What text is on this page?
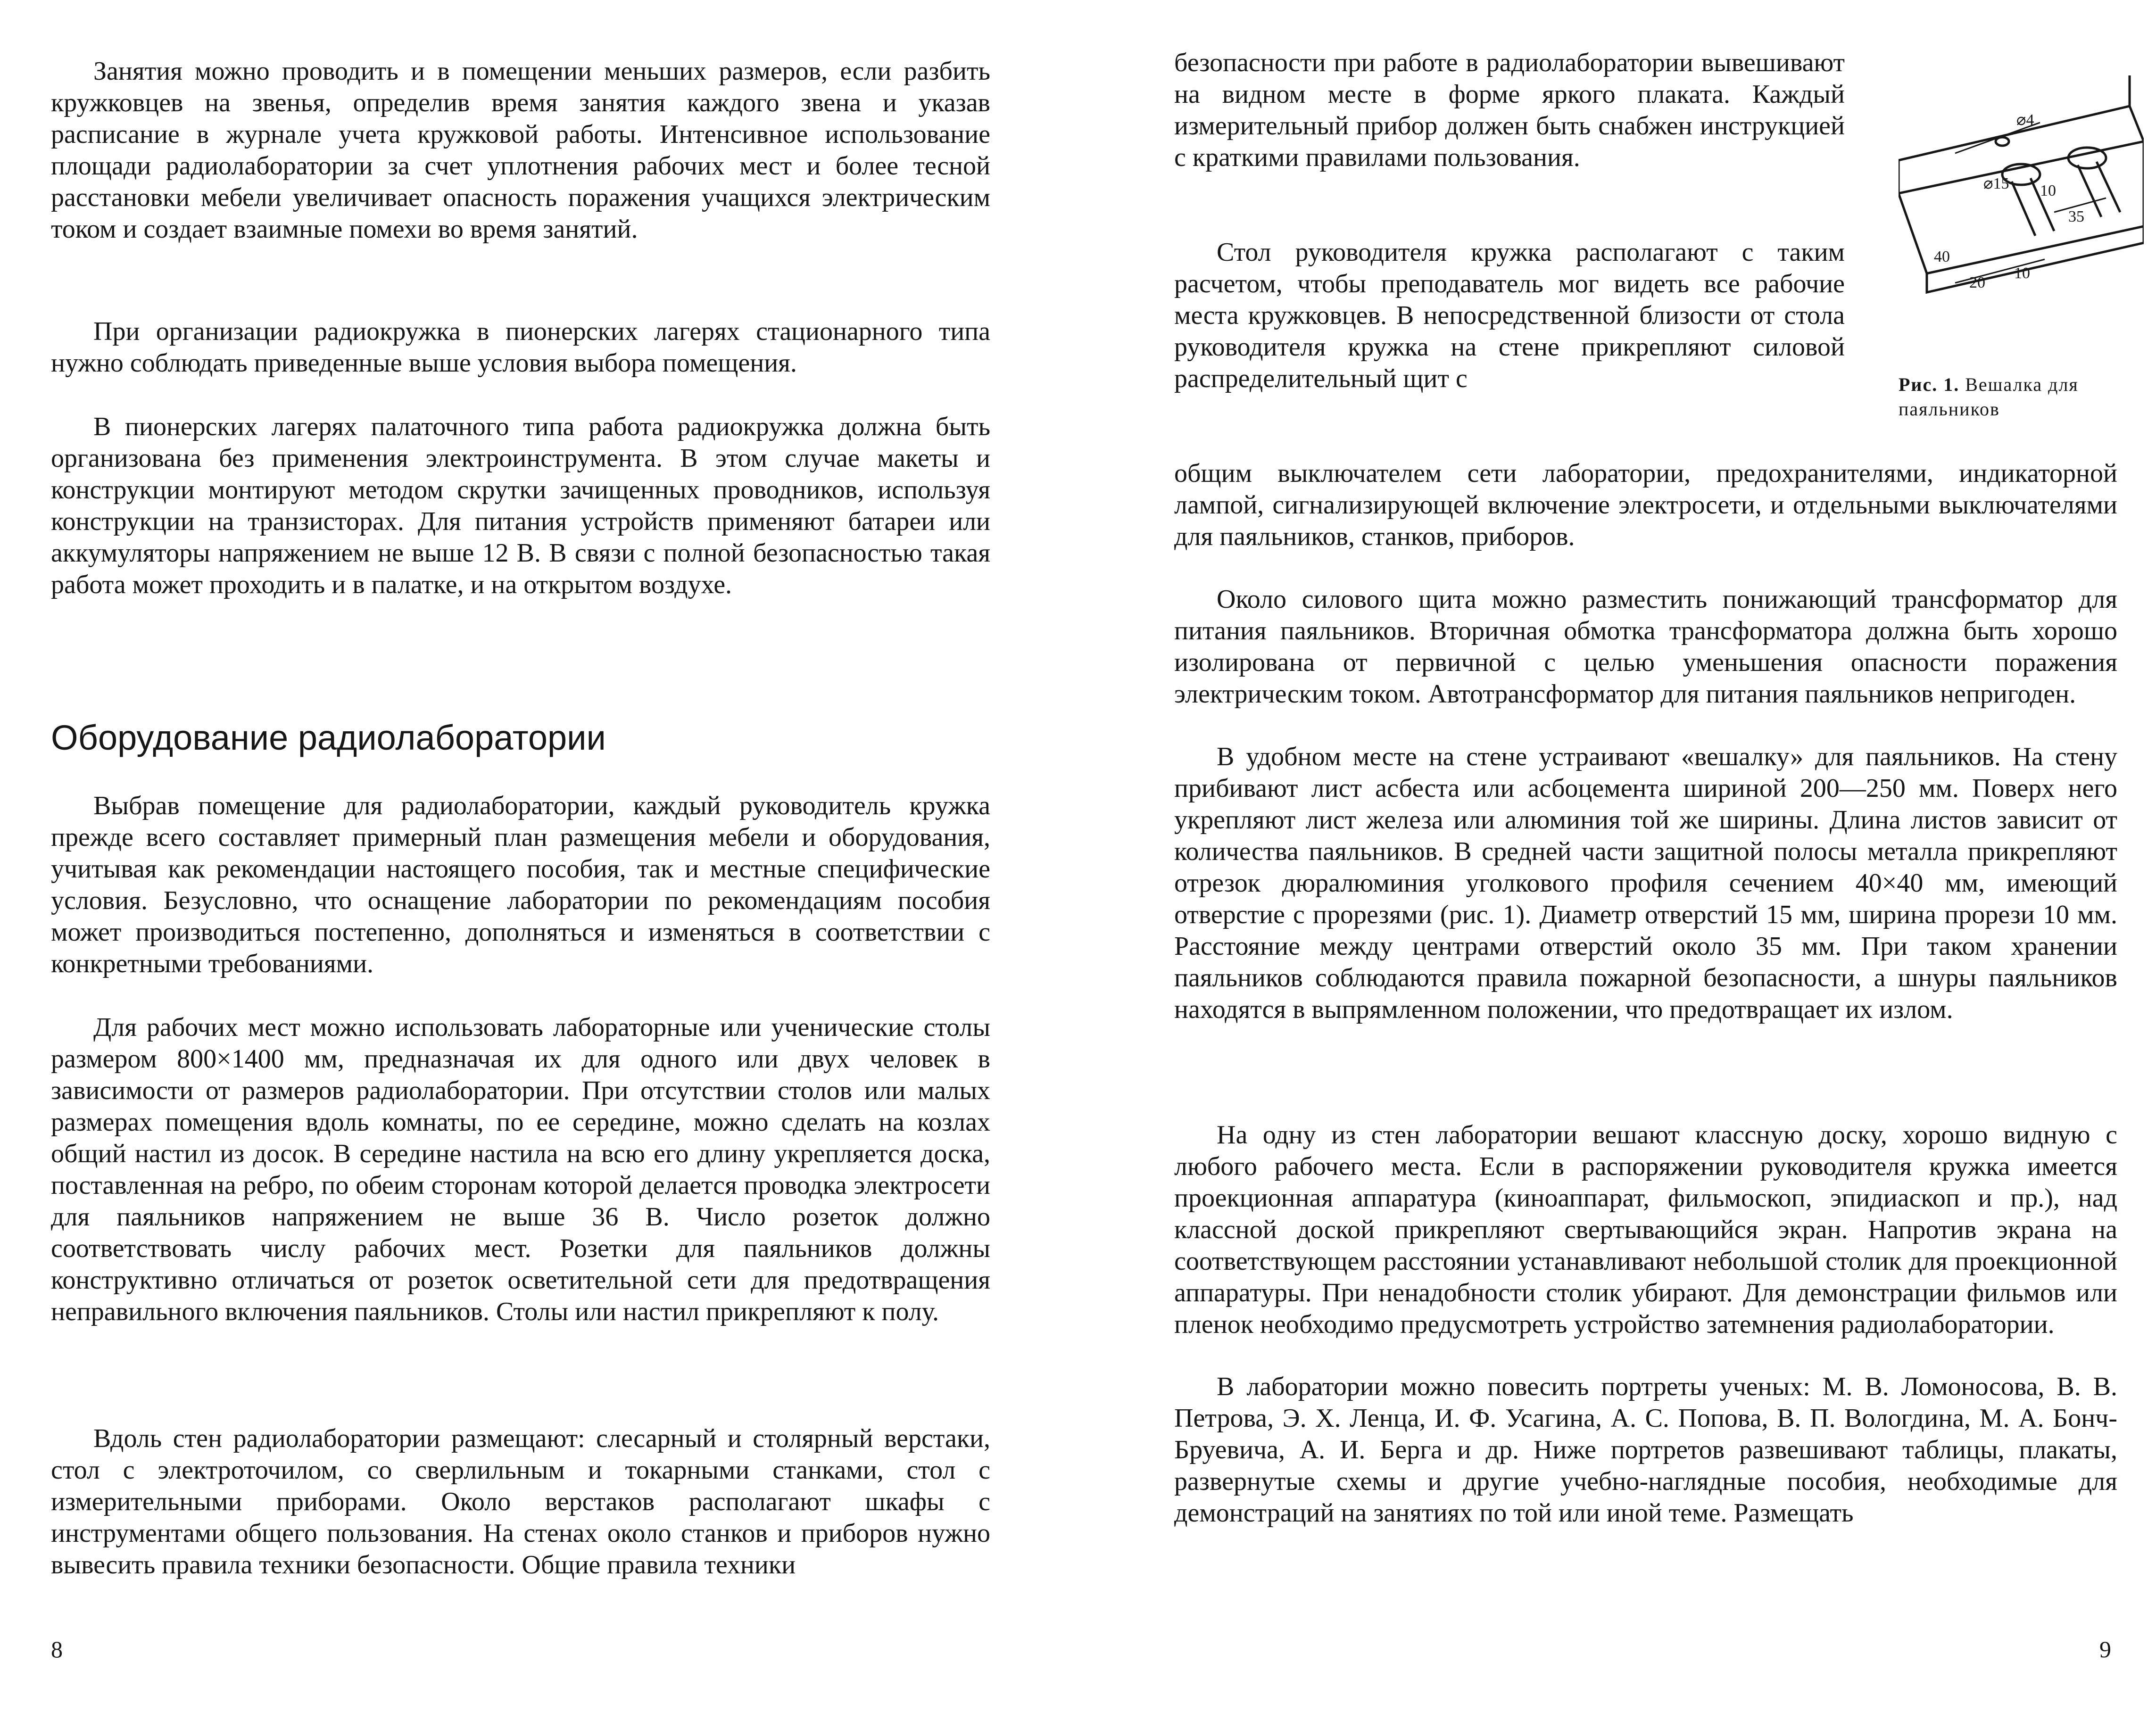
Занятия можно проводить и в помещении меньших размеров, если разбить кружковцев на звенья, определив время занятия каждого звена и указав расписание в журнале учета кружковой работы. Интенсивное использование площади радиолаборатории за счет уплотнения рабочих мест и более тесной расстановки мебели увеличивает опасность поражения учащихся электрическим током и создает взаимные помехи во время занятий.

При организации радиокружка в пионерских лагерях стационарного типа нужно соблюдать приведенные выше условия выбора помещения.

В пионерских лагерях палаточного типа работа радиокружка должна быть организована без применения электроинструмента. В этом случае макеты и конструкции монтируют методом скрутки зачищенных проводников, используя конструкции на транзисторах. Для питания устройств применяют батареи или аккумуляторы напряжением не выше 12 В. В связи с полной безопасностью такая работа может проходить и в палатке, и на открытом воздухе.

Оборудование радиолаборатории

Выбрав помещение для радиолаборатории, каждый руководитель кружка прежде всего составляет примерный план размещения мебели и оборудования, учитывая как рекомендации настоящего пособия, так и местные специфические условия. Безусловно, что оснащение лаборатории по рекомендациям пособия может производиться постепенно, дополняться и изменяться в соответствии с конкретными требованиями.

Для рабочих мест можно использовать лабораторные или ученические столы размером 800×1400 мм, предназначая их для одного или двух человек в зависимости от размеров радиолаборатории. При отсутствии столов или малых размерах помещения вдоль комнаты, по ее середине, можно сделать на козлах общий настил из досок. В середине настила на всю его длину укрепляется доска, поставленная на ребро, по обеим сторонам которой делается проводка электросети для паяльников напряжением не выше 36 В. Число розеток должно соответствовать числу рабочих мест. Розетки для паяльников должны конструктивно отличаться от розеток осветительной сети для предотвращения неправильного включения паяльников. Столы или настил прикрепляют к полу.

Вдоль стен радиолаборатории размещают: слесарный и столярный верстаки, стол с электроточилом, со сверлильным и токарными станками, стол с измерительными приборами. Около верстаков располагают шкафы с инструментами общего пользования. На стенах около станков и приборов нужно вывесить правила техники безопасности. Общие правила техники

8

безопасности при работе в радиолаборатории вывешивают на видном месте в форме яркого плаката. Каждый измерительный прибор должен быть снабжен инструкцией с краткими правилами пользования.

Стол руководителя кружка располагают с таким расчетом, чтобы преподаватель мог видеть все рабочие места кружковцев. В непосредственной близости от стола руководителя кружка на стене прикрепляют силовой распределительный щит с

общим выключателем сети лаборатории, предохранителями, индикаторной лампой, сигнализирующей включение электросети, и отдельными выключателями для паяльников, станков, приборов.

Около силового щита можно разместить понижающий трансформатор для питания паяльников. Вторичная обмотка трансформатора должна быть хорошо изолирована от первичной с целью уменьшения опасности поражения электрическим током. Автотрансформатор для питания паяльников непригоден.

В удобном месте на стене устраивают «вешалку» для паяльников. На стену прибивают лист асбеста или асбоцемента шириной 200—250 мм. Поверх него укрепляют лист железа или алюминия той же ширины. Длина листов зависит от количества паяльников. В средней части защитной полосы металла прикрепляют отрезок дюралюминия уголкового профиля сечением 40×40 мм, имеющий отверстие с прорезями (рис. 1). Диаметр отверстий 15 мм, ширина прорези 10 мм. Расстояние между центрами отверстий около 35 мм. При таком хранении паяльников соблюдаются правила пожарной безопасности, а шнуры паяльников находятся в выпрямленном положении, что предотвращает их излом.

На одну из стен лаборатории вешают классную доску, хорошо видную с любого рабочего места. Если в распоряжении руководителя кружка имеется проекционная аппаратура (киноаппарат, фильмоскоп, эпидиаскоп и пр.), над классной доской прикрепляют свертывающийся экран. Напротив экрана на соответствующем расстоянии устанавливают небольшой столик для проекционной аппаратуры. При ненадобности столик убирают. Для демонстрации фильмов или пленок необходимо предусмотреть устройство затемнения радиолаборатории.

В лаборатории можно повесить портреты ученых: М. В. Ломоносова, В. В. Петрова, Э. Х. Ленца, И. Ф. Усагина, А. С. Попова, В. П. Вологдина, М. А. Бонч-Бруевича, А. И. Берга и др. Ниже портретов развешивают таблицы, плакаты, развернутые схемы и другие учебно-наглядные пособия, необходимые для демонстраций на занятиях по той или иной теме. Размещать

⌀4
⌀15 10
35
40
20
10
Рис. 1. Вешалка для паяльников
9
